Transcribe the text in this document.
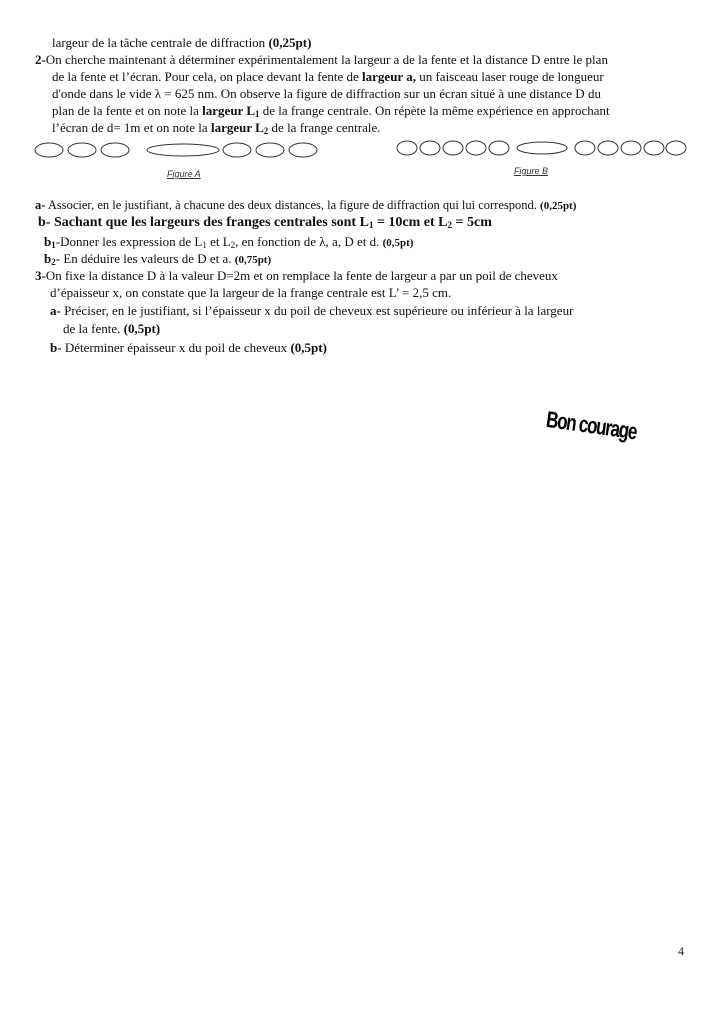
largeur de la tâche centrale de diffraction (0,25pt)
2-On cherche maintenant à déterminer expérimentalement la largeur a de la fente et la distance D entre le plan
de la fente et l’écran. Pour cela, on place devant la fente de largeur a, un faisceau laser rouge de longueur
d'onde dans le vide λ = 625 nm. On observe la figure de diffraction sur un écran situé à une distance D du
plan de la fente et on note la largeur $L_1$ de la frange centrale. On répète la même expérience en approchant
l’écran de d= 1m et on note la largeur $L_2$ de la frange centrale.
Figure A	Figure B
a- Associer, en le justifiant, à chacune des deux distances, la figure de diffraction qui lui correspond. (0,25pt)
b- Sachant que les largeurs des franges centrales sont $L_1 = 10cm$ et $L_2 = 5cm$
$b_1$-Donner les expression de $L_1$ et $L_2$, en fonction de λ, a, D et d. (0,5pt)
$b_2-$ En déduire les valeurs de D et a. (0,75pt)
3-On fixe la distance D à la valeur D=2m et on remplace la fente de largeur a par un poil de cheveux
d’épaisseur x, on constate que la largeur de la frange centrale est L’ = 2,5 cm.
a- Préciser, en le justifiant, si l’épaisseur x du poil de cheveux est supérieure ou inférieur à la largeur
de la fente. (0,5pt)
b- Déterminer épaisseur x du poil de cheveux (0,5pt)
Bon courage
4
